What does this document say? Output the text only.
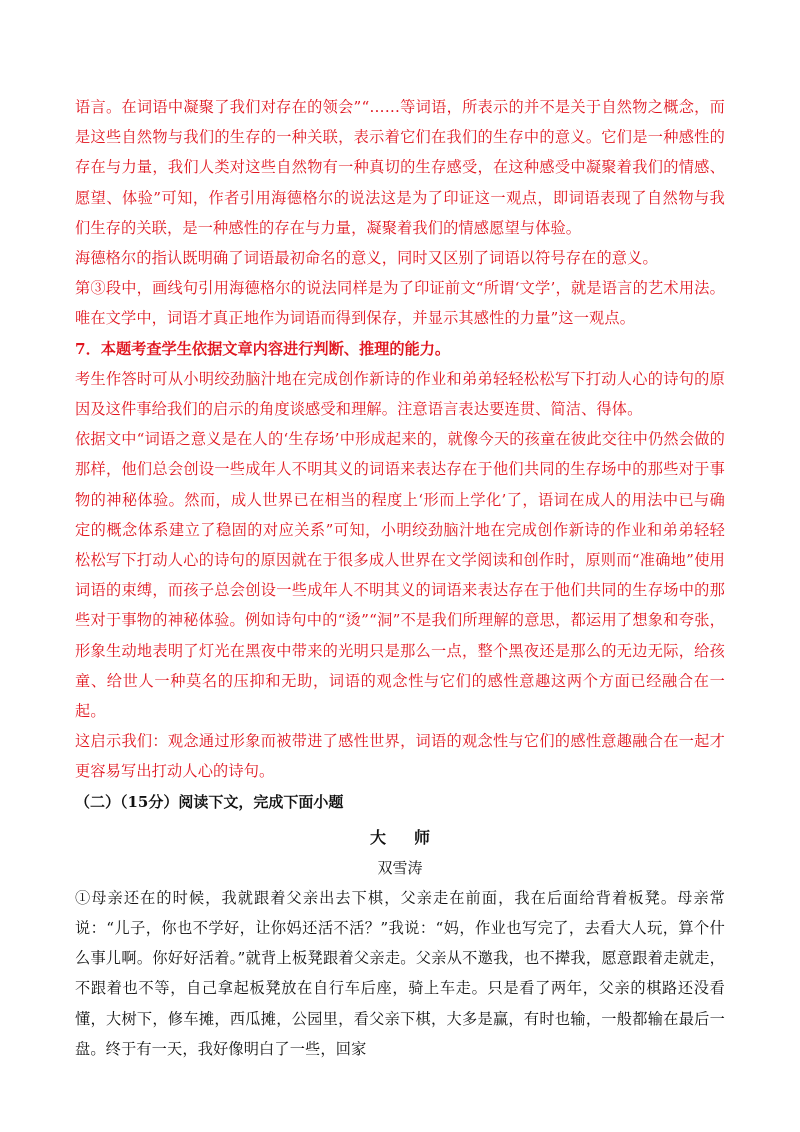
语言。在词语中凝聚了我们对存在的领会”“……等词语，所表示的并不是关于自然物之概念，而是这些自然物与我们的生存的一种关联，表示着它们在我们的生存中的意义。它们是一种感性的存在与力量，我们人类对这些自然物有一种真切的生存感受，在这种感受中凝聚着我们的情感、愿望、体验”可知，作者引用海德格尔的说法这是为了印证这一观点，即词语表现了自然物与我们生存的关联，是一种感性的存在与力量，凝聚着我们的情感愿望与体验。

海德格尔的指认既明确了词语最初命名的意义，同时又区别了词语以符号存在的意义。

第③段中，画线句引用海德格尔的说法同样是为了印证前文“所谓‘文学’，就是语言的艺术用法。唯在文学中，词语才真正地作为词语而得到保存，并显示其感性的力量”这一观点。

7．本题考查学生依据文章内容进行判断、推理的能力。

考生作答时可从小明绞劲脑汁地在完成创作新诗的作业和弟弟轻轻松松写下打动人心的诗句的原因及这件事给我们的启示的角度谈感受和理解。注意语言表达要连贯、简洁、得体。

依据文中“词语之意义是在人的‘生存场’中形成起来的，就像今天的孩童在彼此交往中仍然会做的那样，他们总会创设一些成年人不明其义的词语来表达存在于他们共同的生存场中的那些对于事物的神秘体验。然而，成人世界已在相当的程度上‘形而上学化’了，语词在成人的用法中已与确定的概念体系建立了稳固的对应关系”可知，小明绞劲脑汁地在完成创作新诗的作业和弟弟轻轻松松写下打动人心的诗句的原因就在于很多成人世界在文学阅读和创作时，原则而“准确地”使用词语的束缚，而孩子总会创设一些成年人不明其义的词语来表达存在于他们共同的生存场中的那些对于事物的神秘体验。例如诗句中的“烫”“洞”不是我们所理解的意思，都运用了想象和夸张，形象生动地表明了灯光在黑夜中带来的光明只是那么一点，整个黑夜还是那么的无边无际，给孩童、给世人一种莫名的压抑和无助，词语的观念性与它们的感性意趣这两个方面已经融合在一起。

这启示我们：观念通过形象而被带进了感性世界，词语的观念性与它们的感性意趣融合在一起才更容易写出打动人心的诗句。

（二）（15分）阅读下文，完成下面小题

大师

双雪涛

①母亲还在的时候，我就跟着父亲出去下棋，父亲走在前面，我在后面给背着板凳。母亲常说：“儿子，你也不学好，让你妈还活不活？”我说：“妈，作业也写完了，去看大人玩，算个什么事儿啊。你好好活着。”就背上板凳跟着父亲走。父亲从不邀我，也不撵我，愿意跟着走就走，不跟着也不等，自己拿起板凳放在自行车后座，骑上车走。只是看了两年，父亲的棋路还没看懂，大树下，修车摊，西瓜摊，公园里，看父亲下棋，大多是赢，有时也输，一般都输在最后一盘。终于有一天，我好像明白了一些，回家
